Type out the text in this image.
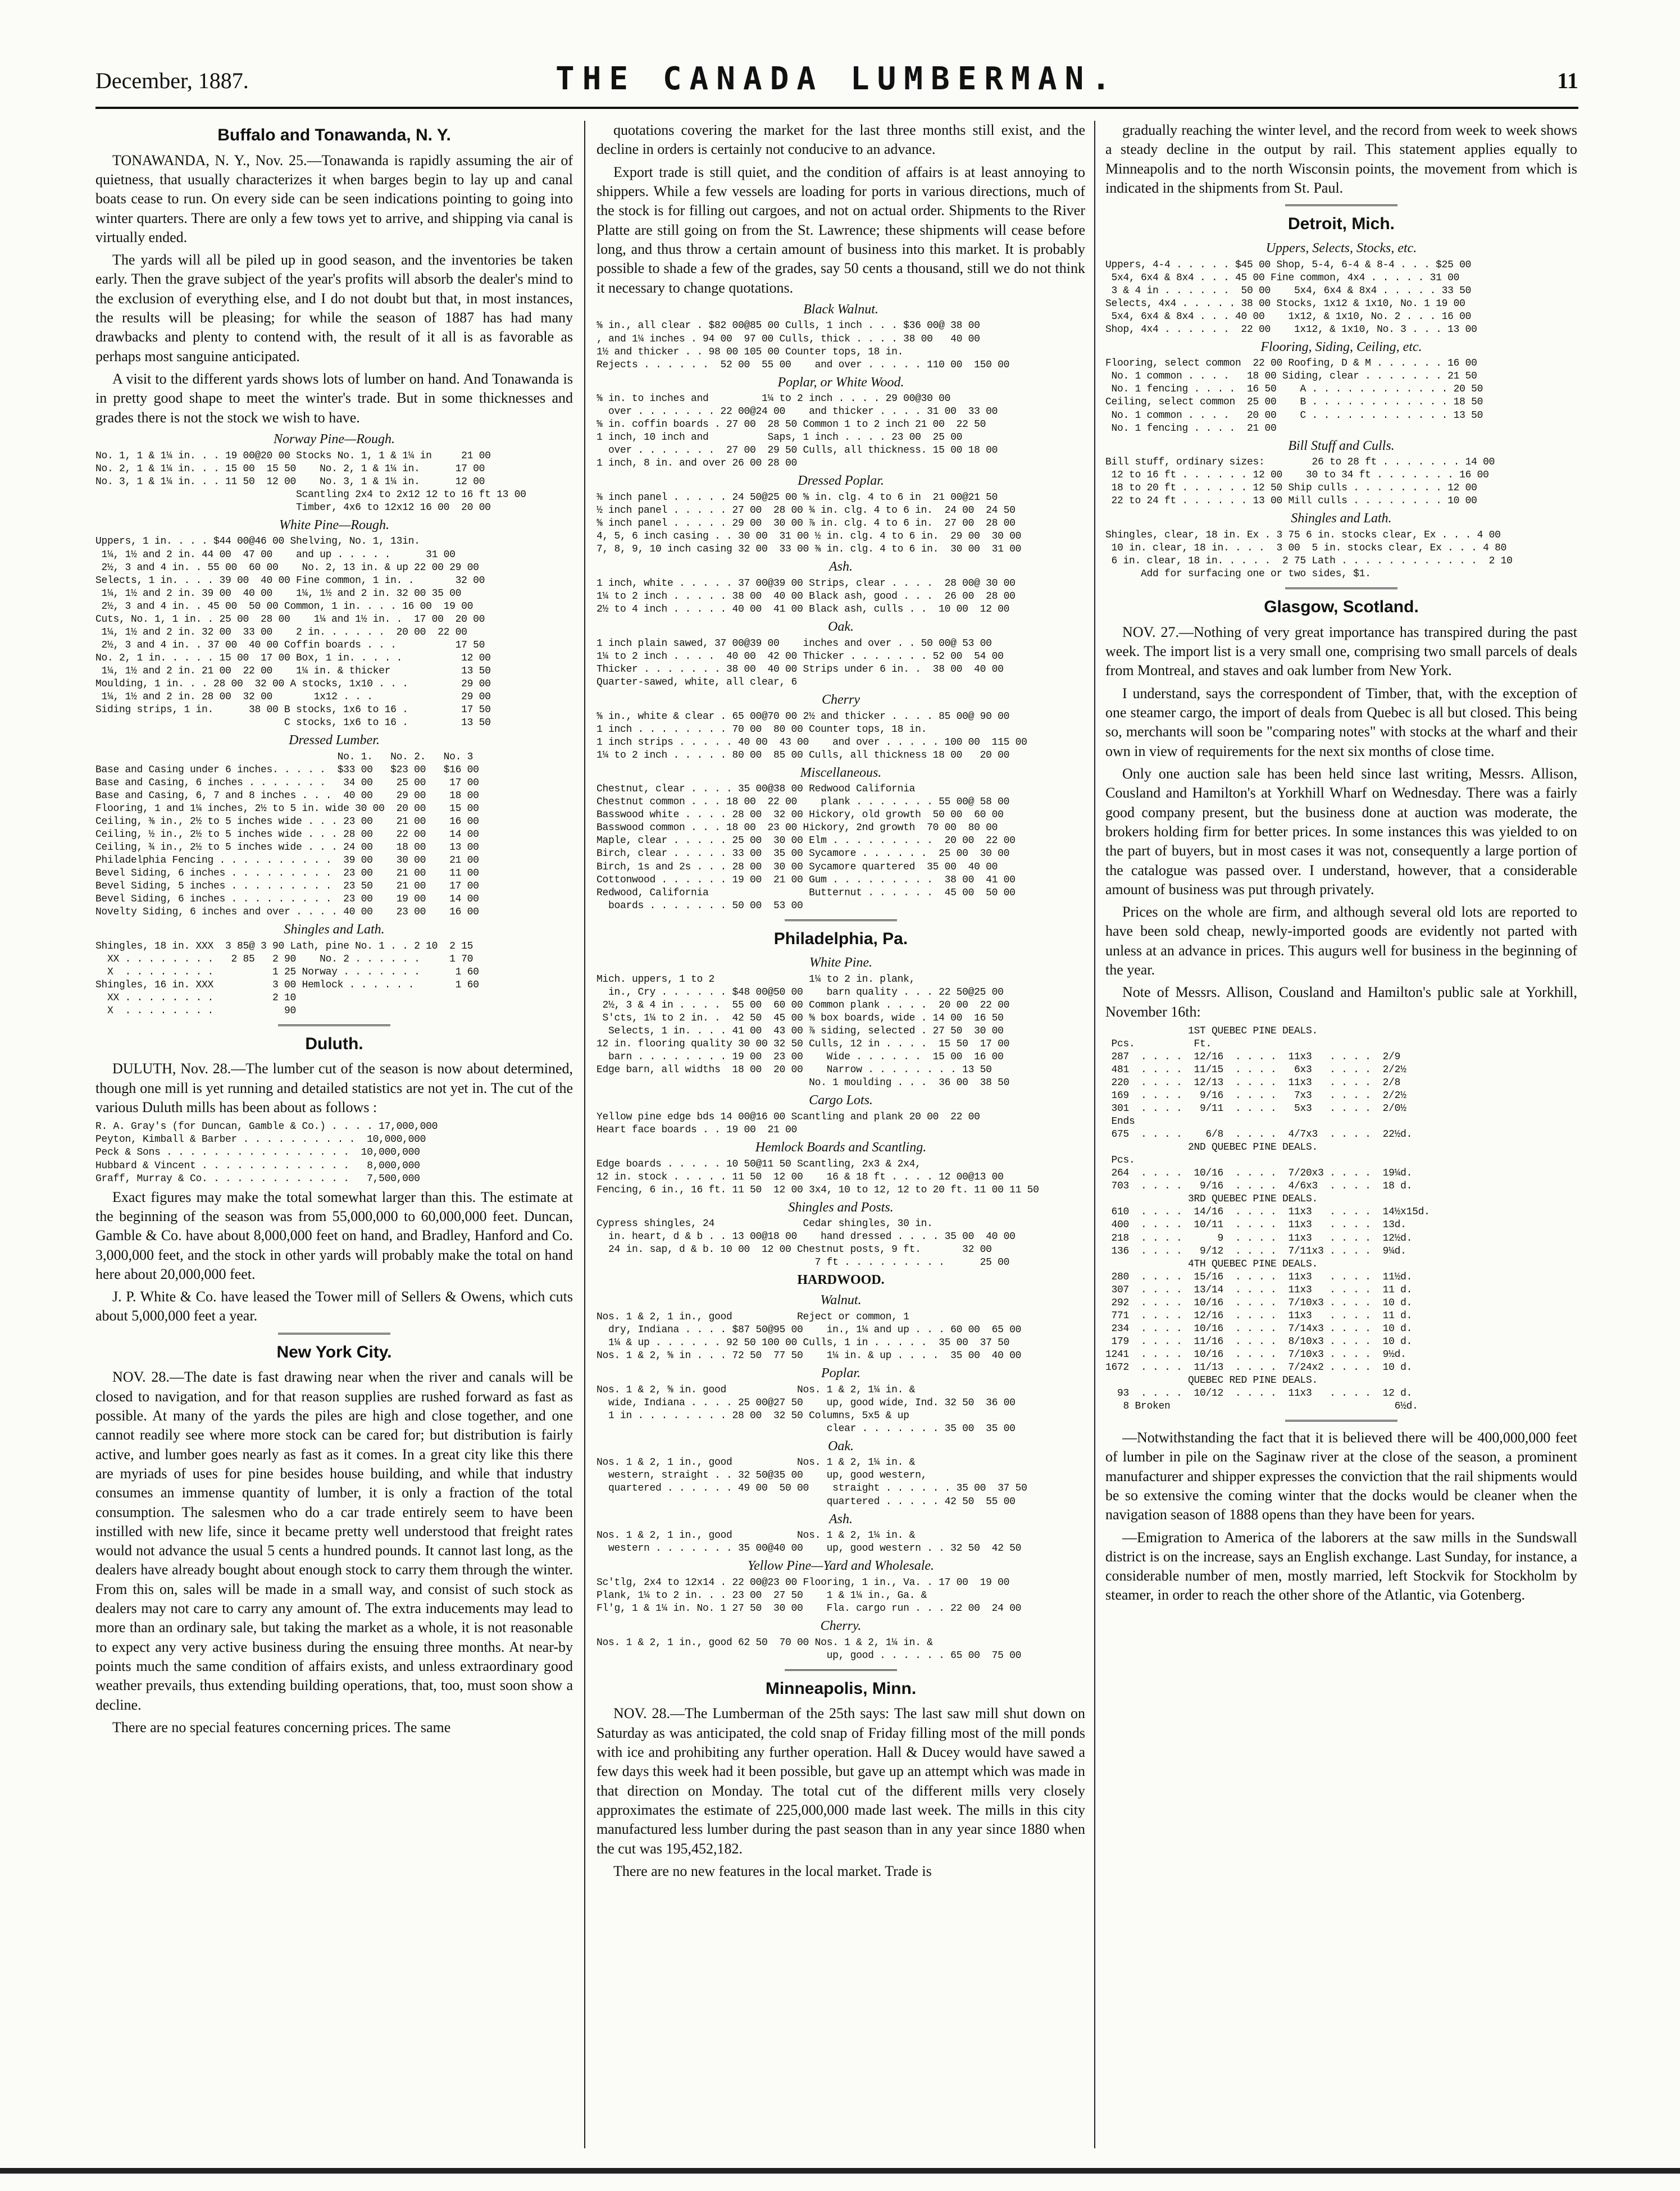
December, 1887.	THE CANADA LUMBERMAN.	11
Buffalo and Tonawanda, N. Y.

TONAWANDA, N. Y., Nov. 25.—Tonawanda is rapidly assuming the air of quietness, that usually characterizes it when barges begin to lay up and canal boats cease to run. On every side can be seen indications pointing to going into winter quarters. There are only a few tows yet to arrive, and shipping via canal is virtually ended.

The yards will all be piled up in good season, and the inventories be taken early. Then the grave subject of the year's profits will absorb the dealer's mind to the exclusion of everything else, and I do not doubt but that, in most instances, the results will be pleasing; for while the season of 1887 has had many drawbacks and plenty to contend with, the result of it all is as favorable as perhaps most sanguine anticipated.

A visit to the different yards shows lots of lumber on hand. And Tonawanda is in pretty good shape to meet the winter's trade. But in some thicknesses and grades there is not the stock we wish to have.

Norway Pine—Rough.
No. 1, 1 & 1¼ in. . . 19 00@20 00 Stocks No. 1, 1 & 1¼ in     21 00
No. 2, 1 & 1¼ in. . . 15 00  15 50    No. 2, 1 & 1¼ in.      17 00
No. 3, 1 & 1¼ in. . . 11 50  12 00    No. 3, 1 & 1¼ in.      12 00
Scantling 2x4 to 2x12 12 to 16 ft 13 00
Timber, 4x6 to 12x12 16 00  20 00
White Pine—Rough.
Uppers, 1 in. . . . $44 00@46 00 Shelving, No. 1, 13in.
1¼, 1½ and 2 in. 44 00  47 00    and up . . . . .      31 00
2½, 3 and 4 in. . 55 00  60 00    No. 2, 13 in. & up 22 00 29 00
Selects, 1 in. . . . 39 00  40 00 Fine common, 1 in. .       32 00
1¼, 1½ and 2 in. 39 00  40 00    1¼, 1½ and 2 in. 32 00 35 00
2½, 3 and 4 in. . 45 00  50 00 Common, 1 in. . . . 16 00  19 00
Cuts, No. 1, 1 in. . 25 00  28 00    1¼ and 1½ in. .  17 00  20 00
1¼, 1½ and 2 in. 32 00  33 00    2 in. . . . . .  20 00  22 00
2½, 3 and 4 in. . 37 00  40 00 Coffin boards . . .          17 50
No. 2, 1 in. . . . . 15 00  17 00 Box, 1 in. . . . .          12 00
1¼, 1½ and 2 in. 21 00  22 00    1¼ in. & thicker            13 50
Moulding, 1 in. . . 28 00  32 00 A stocks, 1x10 . . .         29 00
1¼, 1½ and 2 in. 28 00  32 00       1x12 . . .               29 00
Siding strips, 1 in.      38 00 B stocks, 1x6 to 16 .         17 50
C stocks, 1x6 to 16 .         13 50
Dressed Lumber.
No. 1.   No. 2.   No. 3
Base and Casing under 6 inches. . . . .  $33 00   $23 00   $16 00
Base and Casing, 6 inches . . . . . . .   34 00    25 00    17 00
Base and Casing, 6, 7 and 8 inches . . .  40 00    29 00    18 00
Flooring, 1 and 1¼ inches, 2½ to 5 in. wide 30 00  20 00    15 00
Ceiling, ⅜ in., 2½ to 5 inches wide . . . 23 00    21 00    16 00
Ceiling, ½ in., 2½ to 5 inches wide . . . 28 00    22 00    14 00
Ceiling, ¾ in., 2½ to 5 inches wide . . . 24 00    18 00    13 00
Philadelphia Fencing . . . . . . . . . .  39 00    30 00    21 00
Bevel Siding, 6 inches . . . . . . . . .  23 00    21 00    11 00
Bevel Siding, 5 inches . . . . . . . . .  23 50    21 00    17 00
Bevel Siding, 6 inches . . . . . . . . .  23 00    19 00    14 00
Novelty Siding, 6 inches and over . . . . 40 00    23 00    16 00
Shingles and Lath.
Shingles, 18 in. XXX  3 85@ 3 90 Lath, pine No. 1 . . 2 10  2 15
XX . . . . . . . .   2 85   2 90    No. 2 . . . . . .     1 70
X  . . . . . . . .          1 25 Norway . . . . . . .      1 60
Shingles, 16 in. XXX          3 00 Hemlock . . . . . .       1 60
XX . . . . . . . .          2 10
X  . . . . . . . .            90
Duluth.

DULUTH, Nov. 28.—The lumber cut of the season is now about determined, though one mill is yet running and detailed statistics are not yet in. The cut of the various Duluth mills has been about as follows :

R. A. Gray's (for Duncan, Gamble & Co.) . . . . 17,000,000
Peyton, Kimball & Barber . . . . . . . . . .  10,000,000
Peck & Sons . . . . . . . . . . . . . . . .  10,000,000
Hubbard & Vincent . . . . . . . . . . . . .   8,000,000
Graff, Murray & Co. . . . . . . . . . . . .   7,500,000

Exact figures may make the total somewhat larger than this. The estimate at the beginning of the season was from 55,000,000 to 60,000,000 feet. Duncan, Gamble & Co. have about 8,000,000 feet on hand, and Bradley, Hanford and Co. 3,000,000 feet, and the stock in other yards will probably make the total on hand here about 20,000,000 feet.

J. P. White & Co. have leased the Tower mill of Sellers & Owens, which cuts about 5,000,000 feet a year.

New York City.

NOV. 28.—The date is fast drawing near when the river and canals will be closed to navigation, and for that reason supplies are rushed forward as fast as possible. At many of the yards the piles are high and close together, and one cannot readily see where more stock can be cared for; but distribution is fairly active, and lumber goes nearly as fast as it comes. In a great city like this there are myriads of uses for pine besides house building, and while that industry consumes an immense quantity of lumber, it is only a fraction of the total consumption. The salesmen who do a car trade entirely seem to have been instilled with new life, since it became pretty well understood that freight rates would not advance the usual 5 cents a hundred pounds. It cannot last long, as the dealers have already bought about enough stock to carry them through the winter. From this on, sales will be made in a small way, and consist of such stock as dealers may not care to carry any amount of. The extra inducements may lead to more than an ordinary sale, but taking the market as a whole, it is not reasonable to expect any very active business during the ensuing three months. At near-by points much the same condition of affairs exists, and unless extraordinary good weather prevails, thus extending building operations, that, too, must soon show a decline.

There are no special features concerning prices. The same

quotations covering the market for the last three months still exist, and the decline in orders is certainly not conducive to an advance.

Export trade is still quiet, and the condition of affairs is at least annoying to shippers. While a few vessels are loading for ports in various directions, much of the stock is for filling out cargoes, and not on actual order. Shipments to the River Platte are still going on from the St. Lawrence; these shipments will cease before long, and thus throw a certain amount of business into this market. It is probably possible to shade a few of the grades, say 50 cents a thousand, still we do not think it necessary to change quotations.

Black Walnut.
⅝ in., all clear . $82 00@85 00 Culls, 1 inch . . . $36 00@ 38 00
, and 1¼ inches . 94 00  97 00 Culls, thick . . . . 38 00   40 00
1½ and thicker . . 98 00 105 00 Counter tops, 18 in.
Rejects . . . . . .  52 00  55 00    and over . . . . . 110 00  150 00
Poplar, or White Wood.
⅝ in. to inches and         1¼ to 2 inch . . . . 29 00@30 00
over . . . . . . . 22 00@24 00    and thicker . . . . 31 00  33 00
⅝ in. coffin boards . 27 00  28 50 Common 1 to 2 inch 21 00  22 50
1 inch, 10 inch and          Saps, 1 inch . . . . 23 00  25 00
over . . . . . . .  27 00  29 50 Culls, all thickness. 15 00 18 00
1 inch, 8 in. and over 26 00 28 00
Dressed Poplar.
⅜ inch panel . . . . . 24 50@25 00 ⅝ in. clg. 4 to 6 in  21 00@21 50
½ inch panel . . . . . 27 00  28 00 ¾ in. clg. 4 to 6 in.  24 00  24 50
⅝ inch panel . . . . . 29 00  30 00 ⅞ in. clg. 4 to 6 in.  27 00  28 00
4, 5, 6 inch casing . . 30 00  31 00 ½ in. clg. 4 to 6 in.  29 00  30 00
7, 8, 9, 10 inch casing 32 00  33 00 ⅜ in. clg. 4 to 6 in.  30 00  31 00
Ash.
1 inch, white . . . . . 37 00@39 00 Strips, clear . . . .  28 00@ 30 00
1¼ to 2 inch . . . . . 38 00  40 00 Black ash, good . . .  26 00  28 00
2½ to 4 inch . . . . . 40 00  41 00 Black ash, culls . .  10 00  12 00
Oak.
1 inch plain sawed, 37 00@39 00    inches and over . . 50 00@ 53 00
1¼ to 2 inch . . . .  40 00  42 00 Thicker . . . . . . . 52 00  54 00
Thicker . . . . . . . 38 00  40 00 Strips under 6 in. .  38 00  40 00
Quarter-sawed, white, all clear, 6
Cherry
⅝ in., white & clear . 65 00@70 00 2½ and thicker . . . . 85 00@ 90 00
1 inch . . . . . . . . 70 00  80 00 Counter tops, 18 in.
1 inch strips . . . . . 40 00  43 00    and over . . . . . 100 00  115 00
1¼ to 2 inch . . . . . 80 00  85 00 Culls, all thickness 18 00   20 00
Miscellaneous.
Chestnut, clear . . . . 35 00@38 00 Redwood California
Chestnut common . . . 18 00  22 00    plank . . . . . . . 55 00@ 58 00
Basswood white . . . . 28 00  32 00 Hickory, old growth  50 00  60 00
Basswood common . . . 18 00  23 00 Hickory, 2nd growth  70 00  80 00
Maple, clear . . . . . 25 00  30 00 Elm . . . . . . . . .  20 00  22 00
Birch, clear . . . . . 33 00  35 00 Sycamore . . . . . .  25 00  30 00
Birch, 1s and 2s . . . 28 00  30 00 Sycamore quartered  35 00  40 00
Cottonwood . . . . . . 19 00  21 00 Gum . . . . . . . . .  38 00  41 00
Redwood, California                 Butternut . . . . . .  45 00  50 00
boards . . . . . . . 50 00  53 00
Philadelphia, Pa.
White Pine.
Mich. uppers, 1 to 2                1¼ to 2 in. plank,
in., Cry . . . . . . $48 00@50 00    barn quality . . . 22 50@25 00
2½, 3 & 4 in . . . .  55 00  60 00 Common plank . . . .  20 00  22 00
S'cts, 1¼ to 2 in. .  42 50  45 00 ⅝ box boards, wide . 14 00  16 50
Selects, 1 in. . . . 41 00  43 00 ⅞ siding, selected . 27 50  30 00
12 in. flooring quality 30 00 32 50 Culls, 12 in . . . .  15 50  17 00
barn . . . . . . . . 19 00  23 00    Wide . . . . . .  15 00  16 00
Edge barn, all widths  18 00  20 00    Narrow . . . . . . . . 13 50
No. 1 moulding . . .  36 00  38 50
Cargo Lots.
Yellow pine edge bds 14 00@16 00 Scantling and plank 20 00  22 00
Heart face boards . . 19 00  21 00
Hemlock Boards and Scantling.
Edge boards . . . . . 10 50@11 50 Scantling, 2x3 & 2x4,
12 in. stock . . . . . 11 50  12 00    16 & 18 ft . . . . 12 00@13 00
Fencing, 6 in., 16 ft. 11 50  12 00 3x4, 10 to 12, 12 to 20 ft. 11 00 11 50
Shingles and Posts.
Cypress shingles, 24               Cedar shingles, 30 in.
in. heart, d & b . . 13 00@18 00    hand dressed . . . . 35 00  40 00
24 in. sap, d & b. 10 00  12 00 Chestnut posts, 9 ft.       32 00
7 ft . . . . . . . . .      25 00
HARDWOOD.
Walnut.
Nos. 1 & 2, 1 in., good           Reject or common, 1
dry, Indiana . . . . $87 50@95 00    in., 1¼ and up . . . 60 00  65 00
1¼ & up . . . . . . 92 50 100 00 Culls, 1 in . . . . .  35 00  37 50
Nos. 1 & 2, ⅝ in . . . 72 50  77 50    1¼ in. & up . . . .  35 00  40 00
Poplar.
Nos. 1 & 2, ⅝ in. good            Nos. 1 & 2, 1¼ in. &
wide, Indiana . . . . 25 00@27 50    up, good wide, Ind. 32 50  36 00
1 in . . . . . . . . 28 00  32 50 Columns, 5x5 & up
clear . . . . . . . 35 00  35 00
Oak.
Nos. 1 & 2, 1 in., good           Nos. 1 & 2, 1¼ in. &
western, straight . . 32 50@35 00    up, good western,
quartered . . . . . . 49 00  50 00    straight . . . . . . 35 00  37 50
quartered . . . . . 42 50  55 00
Ash.
Nos. 1 & 2, 1 in., good           Nos. 1 & 2, 1¼ in. &
western . . . . . . . 35 00@40 00    up, good western . . 32 50  42 50
Yellow Pine—Yard and Wholesale.
Sc'tlg, 2x4 to 12x14 . 22 00@23 00 Flooring, 1 in., Va. . 17 00  19 00
Plank, 1¼ to 2 in. . . 23 00  27 50    1 & 1¼ in., Ga. &
Fl'g, 1 & 1¼ in. No. 1 27 50  30 00    Fla. cargo run . . . 22 00  24 00
Cherry.
Nos. 1 & 2, 1 in., good 62 50  70 00 Nos. 1 & 2, 1¼ in. &
up, good . . . . . . 65 00  75 00
Minneapolis, Minn.

NOV. 28.—The Lumberman of the 25th says: The last saw mill shut down on Saturday as was anticipated, the cold snap of Friday filling most of the mill ponds with ice and prohibiting any further operation. Hall & Ducey would have sawed a few days this week had it been possible, but gave up an attempt which was made in that direction on Monday. The total cut of the different mills very closely approximates the estimate of 225,000,000 made last week. The mills in this city manufactured less lumber during the past season than in any year since 1880 when the cut was 195,452,182.

There are no new features in the local market. Trade is

gradually reaching the winter level, and the record from week to week shows a steady decline in the output by rail. This statement applies equally to Minneapolis and to the north Wisconsin points, the movement from which is indicated in the shipments from St. Paul.

Detroit, Mich.
Uppers, Selects, Stocks, etc.
Uppers, 4-4 . . . . . $45 00 Shop, 5-4, 6-4 & 8-4 . . . $25 00
5x4, 6x4 & 8x4 . . . 45 00 Fine common, 4x4 . . . . . 31 00
3 & 4 in . . . . . .  50 00    5x4, 6x4 & 8x4 . . . . . 33 50
Selects, 4x4 . . . . . 38 00 Stocks, 1x12 & 1x10, No. 1 19 00
5x4, 6x4 & 8x4 . . . 40 00    1x12, & 1x10, No. 2 . . . 16 00
Shop, 4x4 . . . . . .  22 00    1x12, & 1x10, No. 3 . . . 13 00
Flooring, Siding, Ceiling, etc.
Flooring, select common  22 00 Roofing, D & M . . . . . . 16 00
No. 1 common . . . .   18 00 Siding, clear . . . . . . . 21 50
No. 1 fencing . . . .  16 50    A . . . . . . . . . . . . 20 50
Ceiling, select common  25 00    B . . . . . . . . . . . . 18 50
No. 1 common . . . .   20 00    C . . . . . . . . . . . . 13 50
No. 1 fencing . . . .  21 00
Bill Stuff and Culls.
Bill stuff, ordinary sizes:        26 to 28 ft . . . . . . . 14 00
12 to 16 ft . . . . . . 12 00    30 to 34 ft . . . . . . . 16 00
18 to 20 ft . . . . . . 12 50 Ship culls . . . . . . . . 12 00
22 to 24 ft . . . . . . 13 00 Mill culls . . . . . . . . 10 00
Shingles and Lath.
Shingles, clear, 18 in. Ex . 3 75 6 in. stocks clear, Ex . . . 4 00
10 in. clear, 18 in. . . .  3 00  5 in. stocks clear, Ex . . . 4 80
6 in. clear, 18 in. . . . .  2 75 Lath . . . . . . . . . . . .  2 10
Add for surfacing one or two sides, $1.
Glasgow, Scotland.

NOV. 27.—Nothing of very great importance has transpired during the past week. The import list is a very small one, comprising two small parcels of deals from Montreal, and staves and oak lumber from New York.

I understand, says the correspondent of Timber, that, with the exception of one steamer cargo, the import of deals from Quebec is all but closed. This being so, merchants will soon be "comparing notes" with stocks at the wharf and their own in view of requirements for the next six months of close time.

Only one auction sale has been held since last writing, Messrs. Allison, Cousland and Hamilton's at Yorkhill Wharf on Wednesday. There was a fairly good company present, but the business done at auction was moderate, the brokers holding firm for better prices. In some instances this was yielded to on the part of buyers, but in most cases it was not, consequently a large portion of the catalogue was passed over. I understand, however, that a considerable amount of business was put through privately.

Prices on the whole are firm, and although several old lots are reported to have been sold cheap, newly-imported goods are evidently not parted with unless at an advance in prices. This augurs well for business in the beginning of the year.

Note of Messrs. Allison, Cousland and Hamilton's public sale at Yorkhill, November 16th:

1ST QUEBEC PINE DEALS.
Pcs.          Ft.
287  . . . .  12/16  . . . .  11x3   . . . .  2/9
481  . . . .  11/15  . . . .   6x3   . . . .  2/2½
220  . . . .  12/13  . . . .  11x3   . . . .  2/8
169  . . . .   9/16  . . . .   7x3   . . . .  2/2½
301  . . . .   9/11  . . . .   5x3   . . . .  2/0½
Ends
675  . . . .    6/8  . . . .  4/7x3  . . . .  22½d.
2ND QUEBEC PINE DEALS.
Pcs.
264  . . . .  10/16  . . . .  7/20x3 . . . .  19¼d.
703  . . . .   9/16  . . . .  4/6x3  . . . .  18 d.
3RD QUEBEC PINE DEALS.
610  . . . .  14/16  . . . .  11x3   . . . .  14½x15d.
400  . . . .  10/11  . . . .  11x3   . . . .  13d.
218  . . . .      9  . . . .  11x3   . . . .  12½d.
136  . . . .   9/12  . . . .  7/11x3 . . . .  9¼d.
4TH QUEBEC PINE DEALS.
280  . . . .  15/16  . . . .  11x3   . . . .  11½d.
307  . . . .  13/14  . . . .  11x3   . . . .  11 d.
292  . . . .  10/16  . . . .  7/10x3 . . . .  10 d.
771  . . . .  12/16  . . . .  11x3   . . . .  11 d.
234  . . . .  10/16  . . . .  7/14x3 . . . .  10 d.
179  . . . .  11/16  . . . .  8/10x3 . . . .  10 d.
1241  . . . .  10/16  . . . .  7/10x3 . . . .  9½d.
1672  . . . .  11/13  . . . .  7/24x2 . . . .  10 d.
QUEBEC RED PINE DEALS.
93  . . . .  10/12  . . . .  11x3   . . . .  12 d.
8 Broken                                      6½d.

—Notwithstanding the fact that it is believed there will be 400,000,000 feet of lumber in pile on the Saginaw river at the close of the season, a prominent manufacturer and shipper expresses the conviction that the rail shipments would be so extensive the coming winter that the docks would be cleaner when the navigation season of 1888 opens than they have been for years.

—Emigration to America of the laborers at the saw mills in the Sundswall district is on the increase, says an English exchange. Last Sunday, for instance, a considerable number of men, mostly married, left Stockvik for Stockholm by steamer, in order to reach the other shore of the Atlantic, via Gotenberg.
